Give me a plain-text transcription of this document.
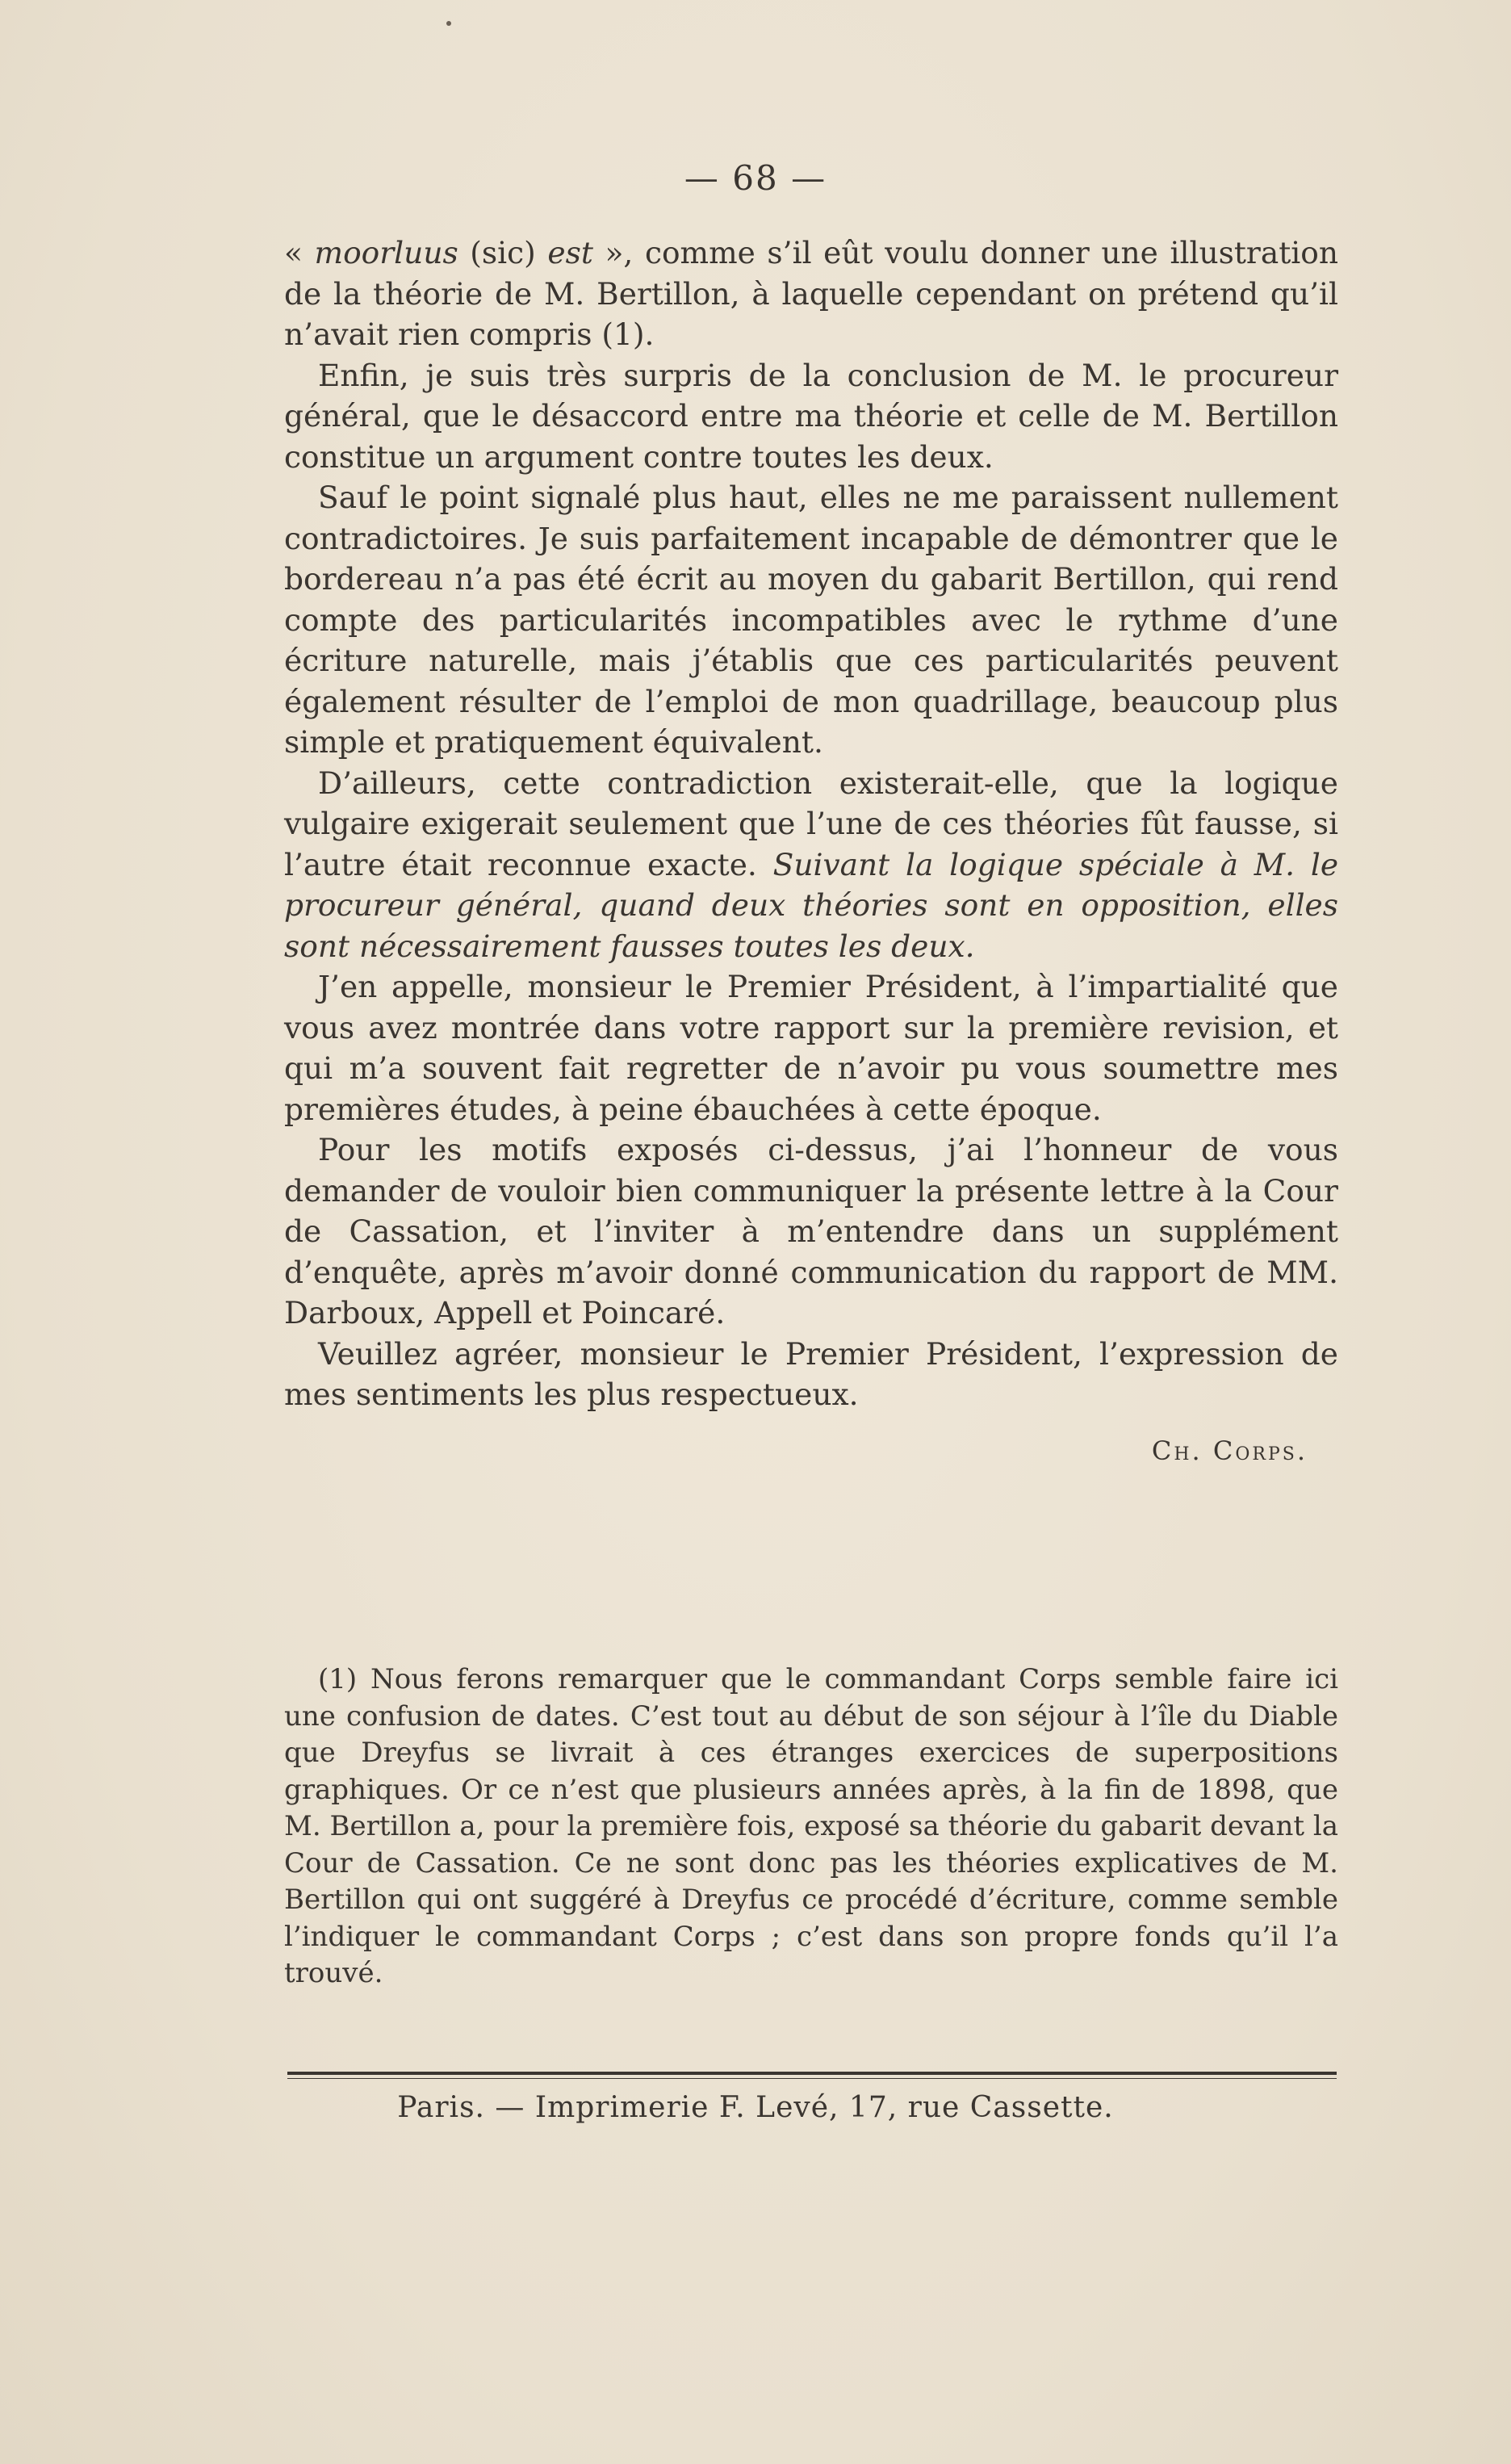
— 68 —

« moorluus (sic) est », comme s’il eût voulu donner une illustration de la théorie de M. Bertillon, à laquelle cependant on prétend qu’il n’avait rien compris (1).

Enfin, je suis très surpris de la conclusion de M. le procureur général, que le désaccord entre ma théorie et celle de M. Bertillon constitue un argument contre toutes les deux.

Sauf le point signalé plus haut, elles ne me paraissent nullement contradictoires. Je suis parfaitement incapable de démontrer que le bordereau n’a pas été écrit au moyen du gabarit Bertillon, qui rend compte des particularités incompatibles avec le rythme d’une écriture naturelle, mais j’établis que ces particularités peuvent également résulter de l’emploi de mon quadrillage, beaucoup plus simple et pratiquement équivalent.

D’ailleurs, cette contradiction existerait-elle, que la logique vulgaire exigerait seulement que l’une de ces théories fût fausse, si l’autre était reconnue exacte. Suivant la logique spéciale à M. le procureur général, quand deux théories sont en opposition, elles sont nécessairement fausses toutes les deux.

J’en appelle, monsieur le Premier Président, à l’impartialité que vous avez montrée dans votre rapport sur la première revision, et qui m’a souvent fait regretter de n’avoir pu vous soumettre mes premières études, à peine ébauchées à cette époque.

Pour les motifs exposés ci-dessus, j’ai l’honneur de vous demander de vouloir bien communiquer la présente lettre à la Cour de Cassation, et l’inviter à m’entendre dans un supplément d’enquête, après m’avoir donné communication du rapport de MM. Darboux, Appell et Poincaré.

Veuillez agréer, monsieur le Premier Président, l’expression de mes sentiments les plus respectueux.

Ch. Corps.

(1) Nous ferons remarquer que le commandant Corps semble faire ici une confusion de dates. C’est tout au début de son séjour à l’île du Diable que Dreyfus se livrait à ces étranges exercices de superpositions graphiques. Or ce n’est que plusieurs années après, à la fin de 1898, que M. Bertillon a, pour la première fois, exposé sa théorie du gabarit devant la Cour de Cassation. Ce ne sont donc pas les théories explicatives de M. Bertillon qui ont suggéré à Dreyfus ce procédé d’écriture, comme semble l’indiquer le commandant Corps ; c’est dans son propre fonds qu’il l’a trouvé.

Paris. — Imprimerie F. Levé, 17, rue Cassette.
